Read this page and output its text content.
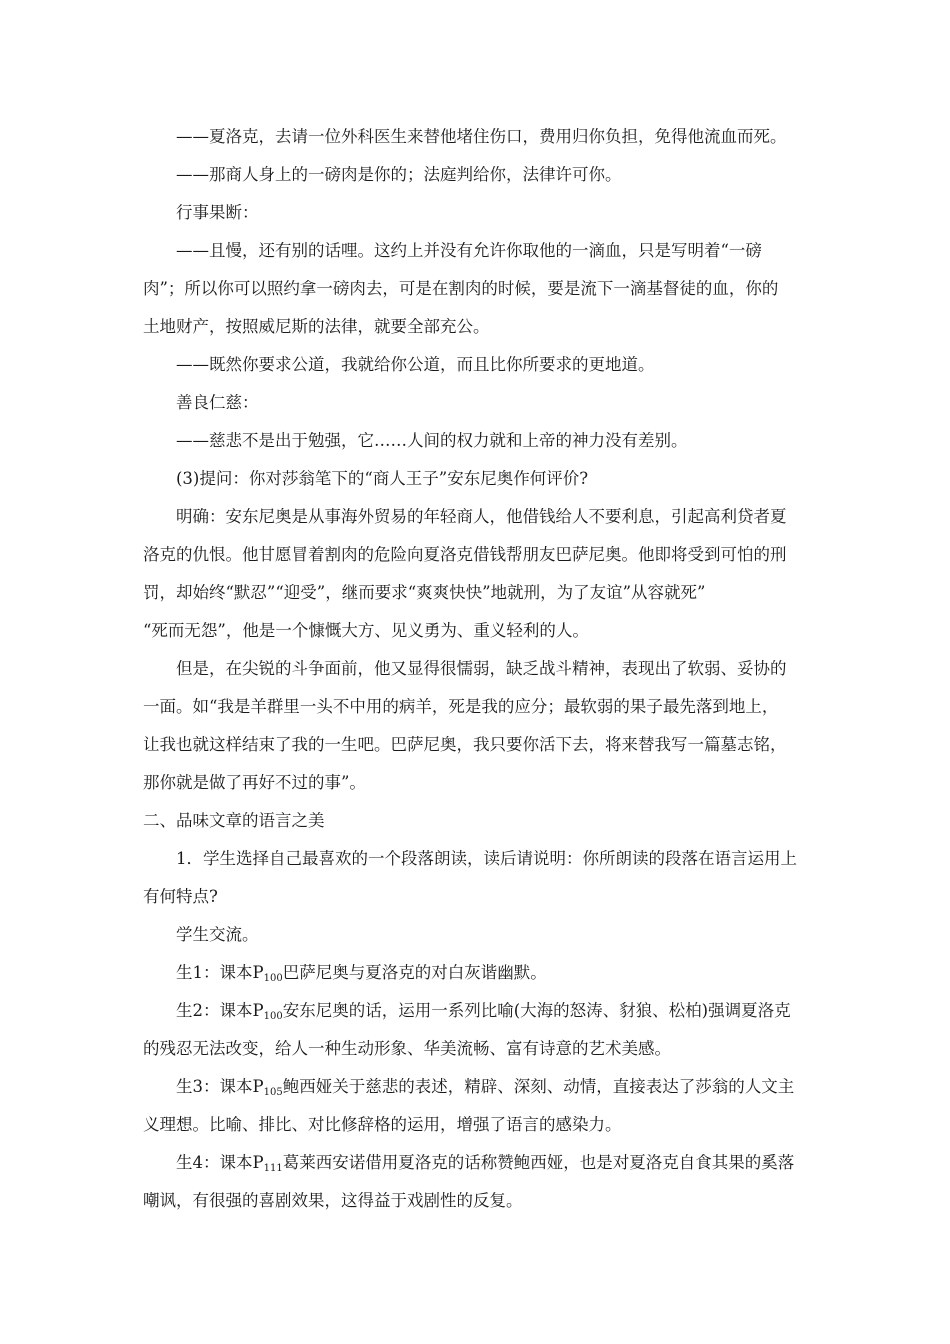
——夏洛克，去请一位外科医生来替他堵住伤口，费用归你负担，免得他流血而死。
——那商人身上的一磅肉是你的；法庭判给你，法律许可你。
行事果断：
——且慢，还有别的话哩。这约上并没有允许你取他的一滴血，只是写明着“一磅
肉”；所以你可以照约拿一磅肉去，可是在割肉的时候，要是流下一滴基督徒的血，你的
土地财产，按照威尼斯的法律，就要全部充公。
——既然你要求公道，我就给你公道，而且比你所要求的更地道。
善良仁慈：
——慈悲不是出于勉强，它……人间的权力就和上帝的神力没有差别。
(3)提问：你对莎翁笔下的“商人王子”安东尼奥作何评价?
明确：安东尼奥是从事海外贸易的年轻商人，他借钱给人不要利息，引起高利贷者夏
洛克的仇恨。他甘愿冒着割肉的危险向夏洛克借钱帮朋友巴萨尼奥。他即将受到可怕的刑
罚，却始终“默忍”“迎受”，继而要求“爽爽快快”地就刑，为了友谊”从容就死”
“死而无怨”，他是一个慷慨大方、见义勇为、重义轻利的人。
但是，在尖锐的斗争面前，他又显得很懦弱，缺乏战斗精神，表现出了软弱、妥协的
一面。如“我是羊群里一头不中用的病羊，死是我的应分；最软弱的果子最先落到地上，
让我也就这样结束了我的一生吧。巴萨尼奥，我只要你活下去，将来替我写一篇墓志铭，
那你就是做了再好不过的事”。
二、品味文章的语言之美
1．学生选择自己最喜欢的一个段落朗读，读后请说明：你所朗读的段落在语言运用上
有何特点?
学生交流。
生1：课本P100巴萨尼奥与夏洛克的对白灰谐幽默。
生2：课本P100安东尼奥的话，运用一系列比喻(大海的怒涛、豺狼、松柏)强调夏洛克
的残忍无法改变，给人一种生动形象、华美流畅、富有诗意的艺术美感。
生3：课本P105鲍西娅关于慈悲的表述，精辟、深刻、动情，直接表达了莎翁的人文主
义理想。比喻、排比、对比修辞格的运用，增强了语言的感染力。
生4：课本P111葛莱西安诺借用夏洛克的话称赞鲍西娅，也是对夏洛克自食其果的奚落
嘲讽，有很强的喜剧效果，这得益于戏剧性的反复。
